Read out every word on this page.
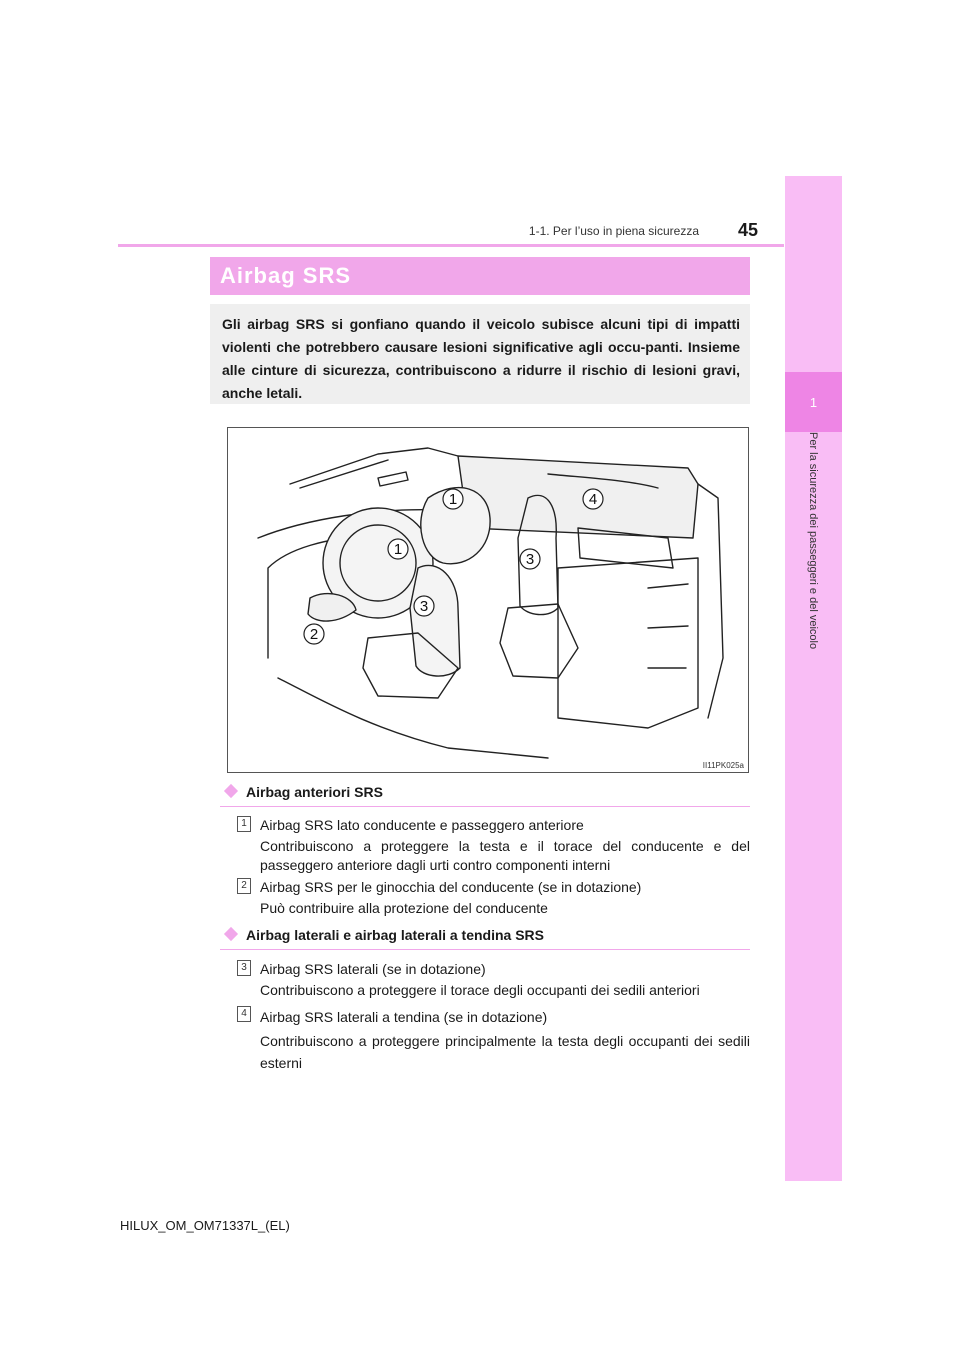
1
Per la sicurezza dei passeggeri e del veicolo
1-1. Per l’uso in piena sicurezza 45
Airbag SRS
Gli airbag SRS si gonfiano quando il veicolo subisce alcuni tipi di impatti violenti che potrebbero causare lesioni significative agli occu-panti. Insieme alle cinture di sicurezza, contribuiscono a ridurre il rischio di lesioni gravi, anche letali.
1
1
2
3
3
4
II11PK025a
Airbag anteriori SRS
1 Airbag SRS lato conducente e passeggero anteriore
Contribuiscono a proteggere la testa e il torace del conducente e del passeggero anteriore dagli urti contro componenti interni
2 Airbag SRS per le ginocchia del conducente (se in dotazione)
Può contribuire alla protezione del conducente
Airbag laterali e airbag laterali a tendina SRS
3 Airbag SRS laterali (se in dotazione)
Contribuiscono a proteggere il torace degli occupanti dei sedili anteriori
4 Airbag SRS laterali a tendina (se in dotazione)
Contribuiscono a proteggere principalmente la testa degli occupanti dei sedili esterni
HILUX_OM_OM71337L_(EL)
